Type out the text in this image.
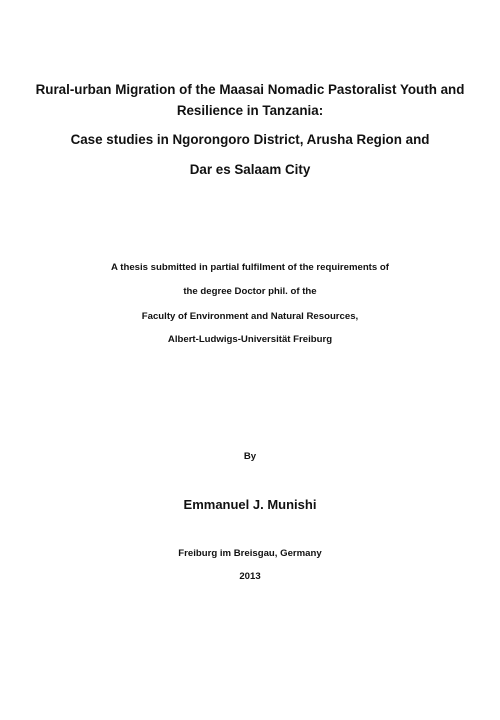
Rural-urban Migration of the Maasai Nomadic Pastoralist Youth and
Resilience in Tanzania:
Case studies in Ngorongoro District, Arusha Region and
Dar es Salaam City
A thesis submitted in partial fulfilment of the requirements of
the degree Doctor phil. of the
Faculty of Environment and Natural Resources,
Albert-Ludwigs-Universität Freiburg
By
Emmanuel J. Munishi
Freiburg im Breisgau, Germany
2013
